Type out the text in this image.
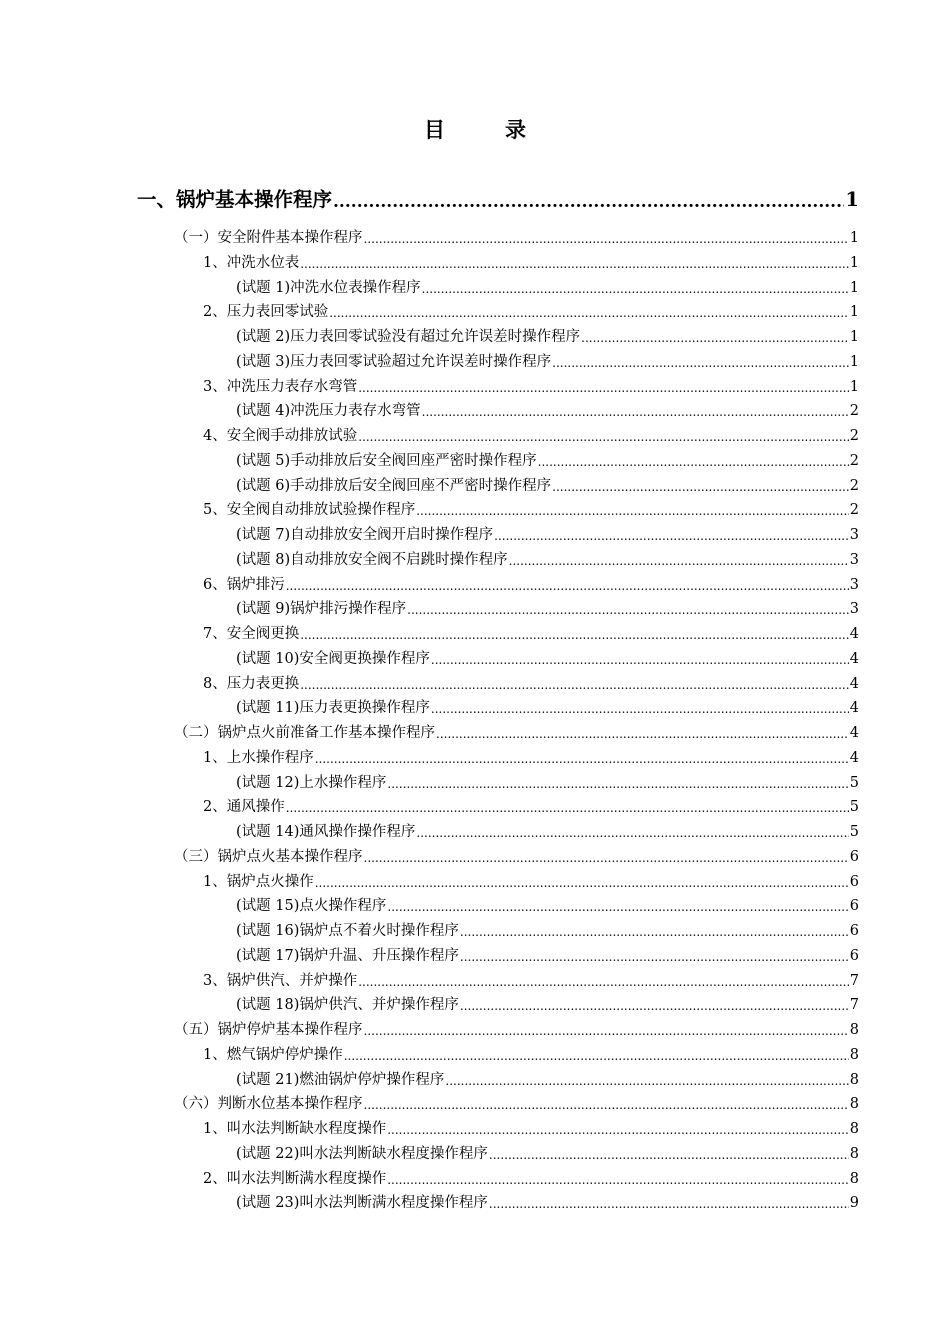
目	录
一、锅炉基本操作程序 .....	1
（一）安全附件基本操作程序 .....	1
1、冲洗水位表 .....	1
(试题 1)冲洗水位表操作程序 .....	1
2、压力表回零试验 .....	1
(试题 2)压力表回零试验没有超过允许误差时操作程序 .....	1
(试题 3)压力表回零试验超过允许误差时操作程序 .....	1
3、冲洗压力表存水弯管 .....	1
(试题 4)冲洗压力表存水弯管 .....	2
4、安全阀手动排放试验 .....	2
(试题 5)手动排放后安全阀回座严密时操作程序 .....	2
(试题 6)手动排放后安全阀回座不严密时操作程序 .....	2
5、安全阀自动排放试验操作程序 .....	2
(试题 7)自动排放安全阀开启时操作程序 .....	3
(试题 8)自动排放安全阀不启跳时操作程序 .....	3
6、锅炉排污 .....	3
(试题 9)锅炉排污操作程序 .....	3
7、安全阀更换 .....	4
(试题 10)安全阀更换操作程序 .....	4
8、压力表更换 .....	4
(试题 11)压力表更换操作程序 .....	4
（二）锅炉点火前准备工作基本操作程序 .....	4
1、上水操作程序 .....	4
(试题 12)上水操作程序 .....	5
2、通风操作 .....	5
(试题 14)通风操作操作程序 .....	5
（三）锅炉点火基本操作程序 .....	6
1、锅炉点火操作 .....	6
(试题 15)点火操作程序 .....	6
(试题 16)锅炉点不着火时操作程序 .....	6
(试题 17)锅炉升温、升压操作程序 .....	6
3、锅炉供汽、并炉操作 .....	7
(试题 18)锅炉供汽、并炉操作程序 .....	7
（五）锅炉停炉基本操作程序 .....	8
1、燃气锅炉停炉操作 .....	8
(试题 21)燃油锅炉停炉操作程序 .....	8
（六）判断水位基本操作程序 .....	8
1、叫水法判断缺水程度操作 .....	8
(试题 22)叫水法判断缺水程度操作程序 .....	8
2、叫水法判断满水程度操作 .....	8
(试题 23)叫水法判断满水程度操作程序 .....	9
